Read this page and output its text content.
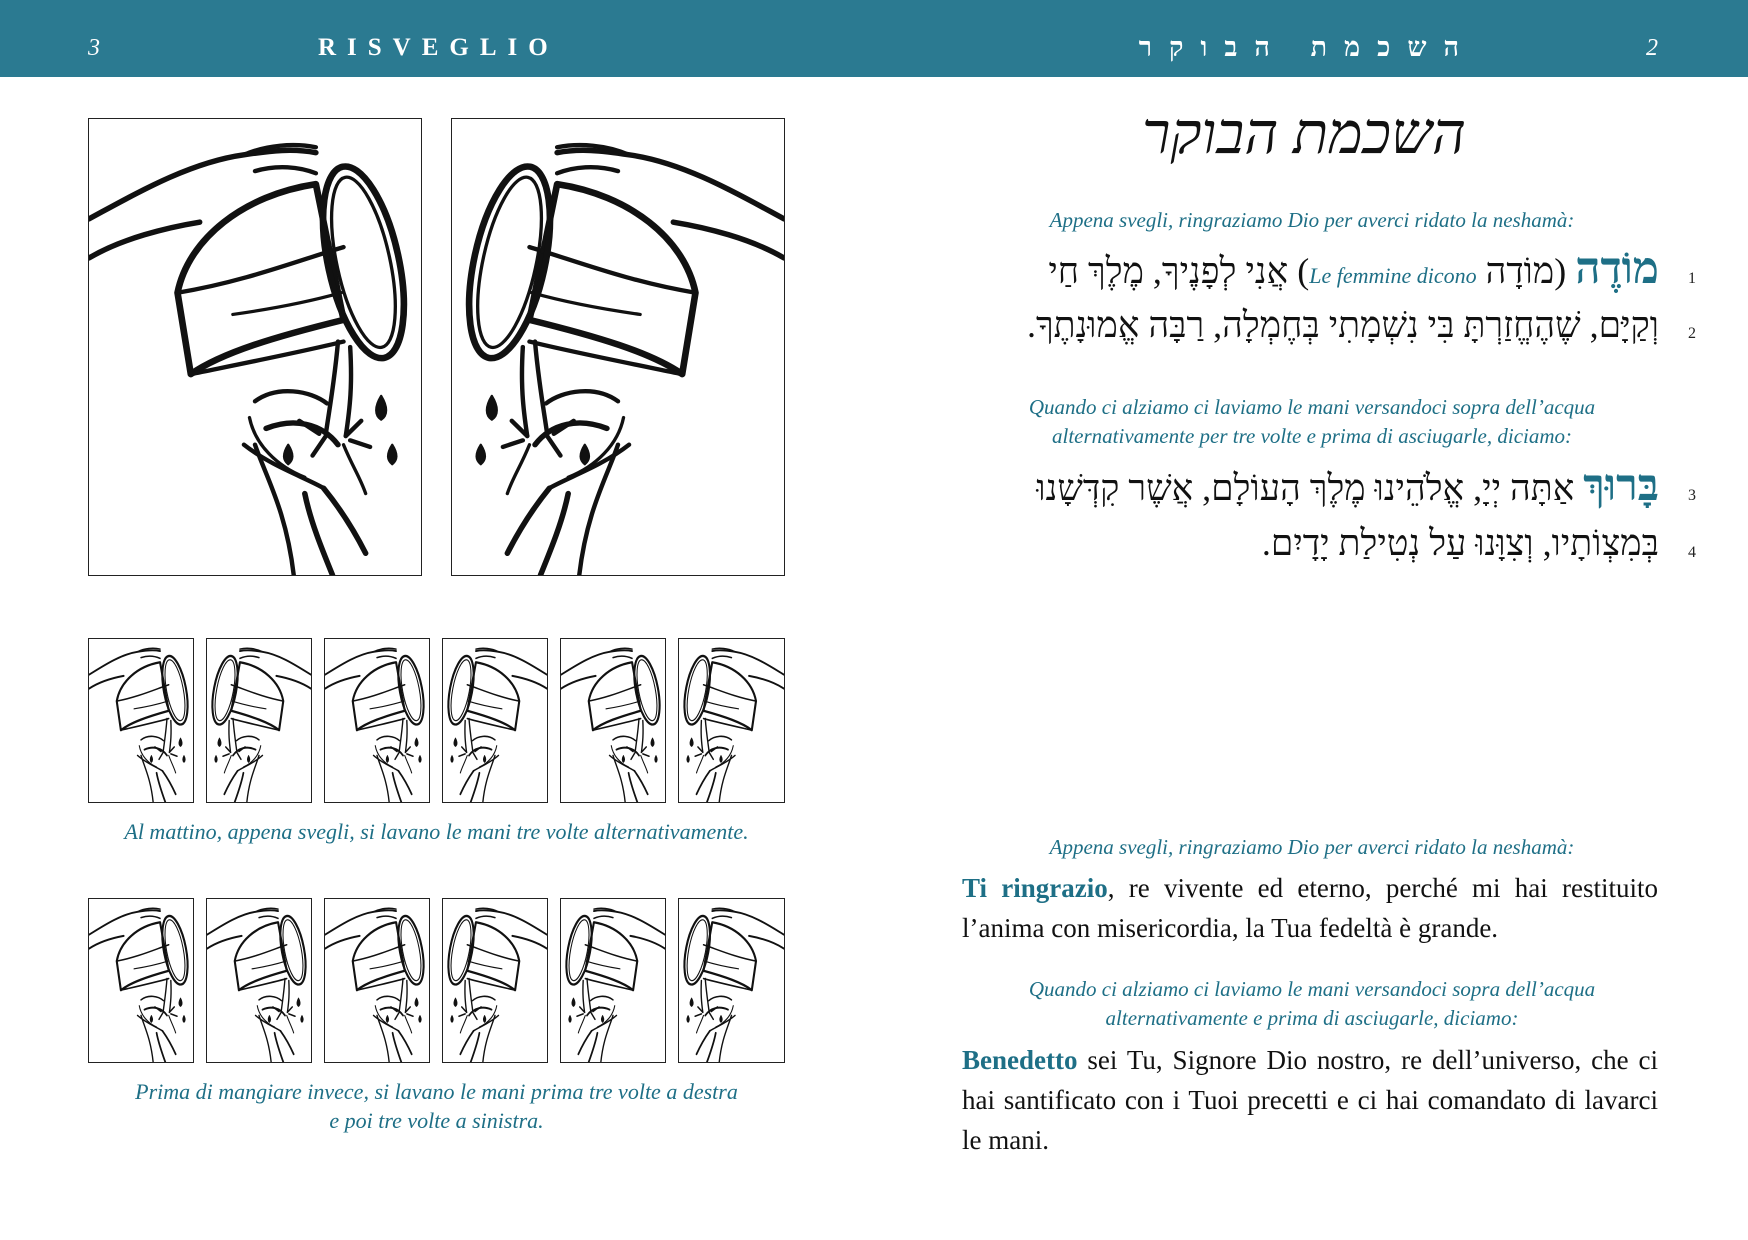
3	RISVEGLIO	השכמת הבוקר	2
Al mattino, appena svegli, si lavano le mani tre volte alternativamente.
Prima di mangiare invece, si lavano le mani prima tre volte a destra
e poi tre volte a sinistra.
השכמת הבוקר
Appena svegli, ringraziamo Dio per averci ridato la neshamà:
מוֹדֶה (מוֹדָה Le femmine dicono) אֲנִי לְפָנֶיךָ, מֶלֶךְ חַי	1
וְקַיָּם, שֶׁהֶחֱזַרְתָּ בִּי נִשְׁמָתִי בְּחֶמְלָה, רַבָּה אֱמוּנָתֶךָ. 2
Quando ci alziamo ci laviamo le mani versandoci sopra dell’acqua
alternativamente per tre volte e prima di asciugarle, diciamo:
בָּרוּךְ אַתָּה יְיָ, אֱלֹהֵינוּ מֶלֶךְ הָעוֹלָם, אֲשֶׁר קִדְּשָׁנוּ	3
בְּמִצְוֹתָיו, וְצִוָּנוּ עַל נְטִילַת יָדָיִם. 4
Appena svegli, ringraziamo Dio per averci ridato la neshamà:
Ti ringrazio, re vivente ed eterno, perché mi hai restituito l’anima con misericordia, la Tua fedeltà è grande.
Quando ci alziamo ci laviamo le mani versandoci sopra dell’acqua
alternativamente e prima di asciugarle, diciamo:
Benedetto sei Tu, Signore Dio nostro, re dell’universo, che ci hai santificato con i Tuoi precetti e ci hai comandato di lavarci le mani.
